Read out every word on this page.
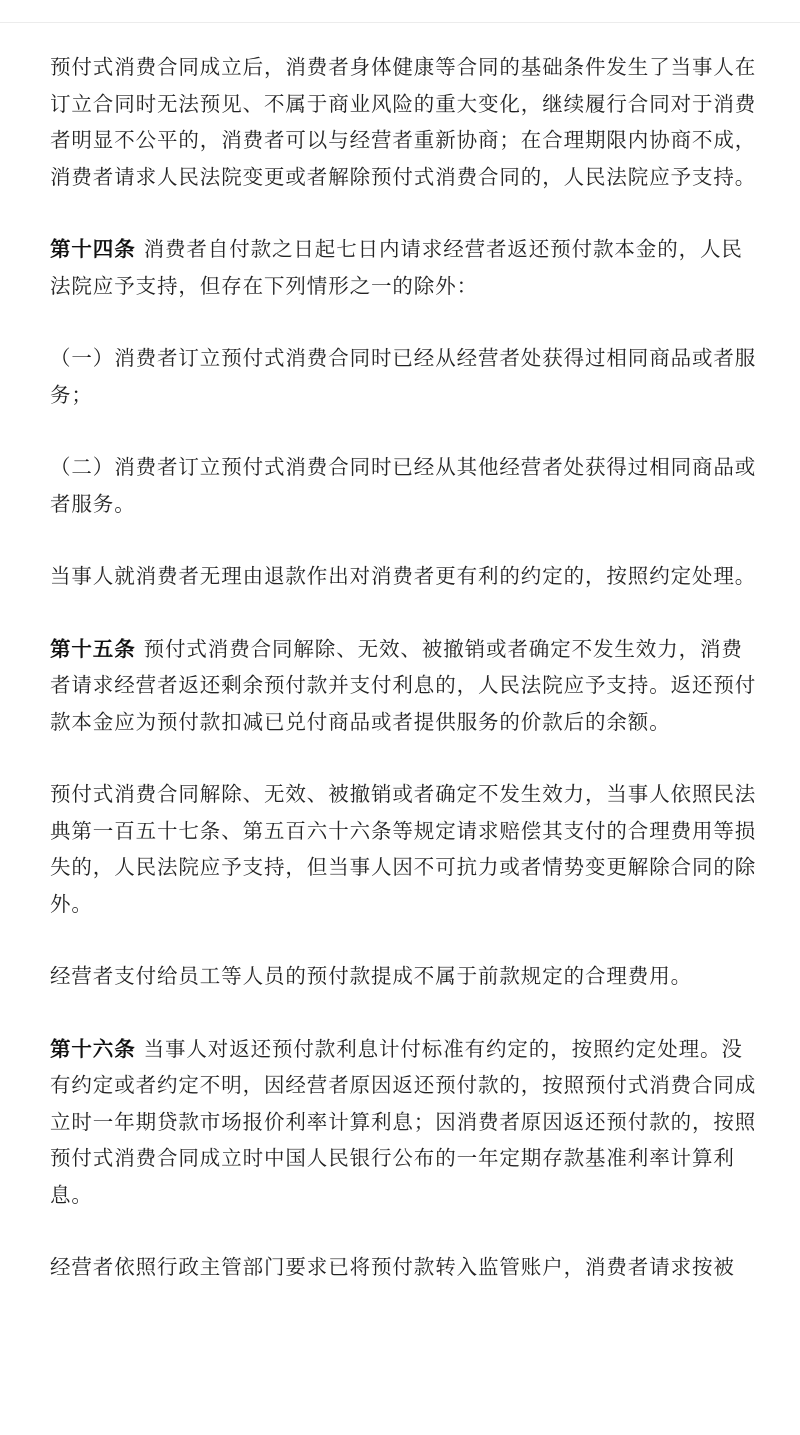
预付式消费合同成立后，消费者身体健康等合同的基础条件发生了当事人在订立合同时无法预见、不属于商业风险的重大变化，继续履行合同对于消费者明显不公平的，消费者可以与经营者重新协商；在合理期限内协商不成，消费者请求人民法院变更或者解除预付式消费合同的，人民法院应予支持。

第十四条 消费者自付款之日起七日内请求经营者返还预付款本金的，人民法院应予支持，但存在下列情形之一的除外：

（一）消费者订立预付式消费合同时已经从经营者处获得过相同商品或者服务；

（二）消费者订立预付式消费合同时已经从其他经营者处获得过相同商品或者服务。

当事人就消费者无理由退款作出对消费者更有利的约定的，按照约定处理。

第十五条 预付式消费合同解除、无效、被撤销或者确定不发生效力，消费者请求经营者返还剩余预付款并支付利息的，人民法院应予支持。返还预付款本金应为预付款扣减已兑付商品或者提供服务的价款后的余额。

预付式消费合同解除、无效、被撤销或者确定不发生效力，当事人依照民法典第一百五十七条、第五百六十六条等规定请求赔偿其支付的合理费用等损失的，人民法院应予支持，但当事人因不可抗力或者情势变更解除合同的除外。

经营者支付给员工等人员的预付款提成不属于前款规定的合理费用。

第十六条 当事人对返还预付款利息计付标准有约定的，按照约定处理。没有约定或者约定不明，因经营者原因返还预付款的，按照预付式消费合同成立时一年期贷款市场报价利率计算利息；因消费者原因返还预付款的，按照预付式消费合同成立时中国人民银行公布的一年定期存款基准利率计算利息。

经营者依照行政主管部门要求已将预付款转入监管账户，消费者请求按被
